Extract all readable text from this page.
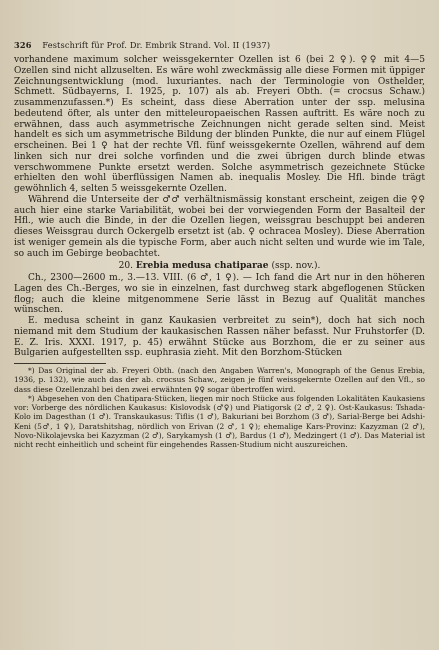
326 Festschrift für Prof. Dr. Embrik Strand. Vol. II (1937)

vorhandene maximum solcher weissgekernter Ozellen ist 6 (bei 2 ♀). ♀♀ mit 4—5 Ozellen sind nicht allzuselten. Es wäre wohl zweckmässig alle diese Formen mit üppiger Zeichnungsentwicklung (mod. luxuriantes. nach der Terminologie von Osthelder, Schmett. Südbayerns, I. 1925, p. 107) als ab. Freyeri Obth. (= crocsus Schaw.) zusammenzufassen.*) Es scheint, dass diese Aberration unter der ssp. melusina bedeutend öfter, als unter den mitteleuropaeischen Rassen auftritt. Es wäre noch zu erwähnen, dass auch asymmetrische Zeichnungen nicht gerade selten sind. Meist handelt es sich um asymmetrische Bildung der blinden Punkte, die nur auf einem Flügel erscheinen. Bei 1 ♀ hat der rechte Vfl. fünf weissgekernte Ozellen, während auf dem linken sich nur drei solche vorfinden und die zwei übrigen durch blinde etwas verschwommene Punkte ersetzt werden. Solche asymmetrisch gezeichnete Stücke erhielten den wohl überflüssigen Namen ab. inequalis Mosley. Die Hfl. binde trägt gewöhnlich 4, selten 5 weissgekernte Ozellen.

Während die Unterseite der ♂♂ verhältnismässig konstant erscheint, zeigen die ♀♀ auch hier eine starke Variabilität, wobei bei der vorwiegenden Form der Basalteil der Hfl., wie auch die Binde, in der die Ozellen liegen, weissgrau beschuppt bei anderen dieses Weissgrau durch Ockergelb ersetzt ist (ab. ♀ ochracea Mosley). Diese Aberration ist weniger gemein als die typische Form, aber auch nicht selten und wurde wie im Tale, so auch im Gebirge beobachtet.

20. Erebia medusa chatiparae (ssp. nov.).

Ch., 2300—2600 m., 3.—13. VIII. (6 ♂, 1 ♀). — Ich fand die Art nur in den höheren Lagen des Ch.-Berges, wo sie in einzelnen, fast durchweg stark abgeflogenen Stücken flog; auch die kleine mitgenommene Serie lässt in Bezug auf Qualität manches wünschen.

E. medusa scheint in ganz Kaukasien verbreitet zu sein*), doch hat sich noch niemand mit dem Studium der kaukasischen Rassen näher befasst. Nur Fruhstorfer (D. E. Z. Iris. XXXI. 1917, p. 45) erwähnt Stücke aus Borzhom, die er zu seiner aus Bulgarien aufgestellten ssp. euphrasia zieht. Mit den Borzhom-Stücken

*) Das Original der ab. Freyeri Obth. (nach den Angaben Warren's, Monograph of the Genus Erebia, 1936, p. 132), wie auch das der ab. crocsus Schaw., zeigen je fünf weissgekernte Ozellen auf den Vfl., so dass diese Ozellenzahl bei den zwei erwähnten ♀♀ sogar übertroffen wird.

*) Abgesehen von den Chatipara-Stücken, liegen mir noch Stücke aus folgenden Lokalitäten Kaukasiens vor: Vorberge des nördlichen Kaukasus: Kislovodsk (♂♀) und Piatigorsk (2 ♂, 2 ♀). Ost-Kaukasus: Tshada-Kolo im Dagesthan (1 ♂). Transkaukasus: Tiflis (1 ♂), Bakuriani bei Borzhom (3 ♂), Sarial-Berge bei Adshi-Keni (5♂, 1 ♀), Daratshitshag, nördlich von Erivan (2 ♂, 1 ♀); ehemalige Kars-Provinz: Kazyzman (2 ♂), Novo-Nikolajevska bei Kazyzman (2 ♂), Sarykamysh (1 ♂), Bardus (1 ♂), Medzingert (1 ♂). Das Material ist nicht recht einheitlich und scheint für eingehendes Rassen-Studium nicht auszureichen.
